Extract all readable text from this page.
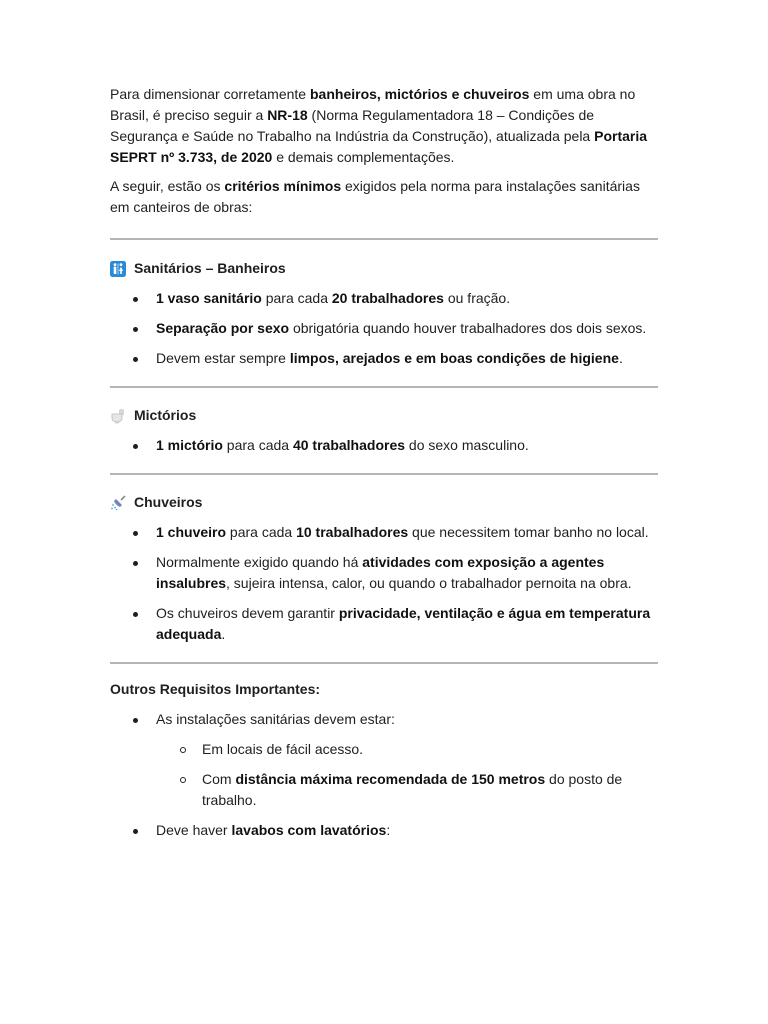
Para dimensionar corretamente banheiros, mictórios e chuveiros em uma obra no Brasil, é preciso seguir a NR-18 (Norma Regulamentadora 18 – Condições de Segurança e Saúde no Trabalho na Indústria da Construção), atualizada pela Portaria SEPRT nº 3.733, de 2020 e demais complementações.

A seguir, estão os critérios mínimos exigidos pela norma para instalações sanitárias em canteiros de obras:

Sanitários – Banheiros
1 vaso sanitário para cada 20 trabalhadores ou fração.
Separação por sexo obrigatória quando houver trabalhadores dos dois sexos.
Devem estar sempre limpos, arejados e em boas condições de higiene.
Mictórios
1 mictório para cada 40 trabalhadores do sexo masculino.
Chuveiros
1 chuveiro para cada 10 trabalhadores que necessitem tomar banho no local.
Normalmente exigido quando há atividades com exposição a agentes insalubres, sujeira intensa, calor, ou quando o trabalhador pernoita na obra.
Os chuveiros devem garantir privacidade, ventilação e água em temperatura adequada.
Outros Requisitos Importantes:
As instalações sanitárias devem estar:
Em locais de fácil acesso.
Com distância máxima recomendada de 150 metros do posto de trabalho.
Deve haver lavabos com lavatórios:
